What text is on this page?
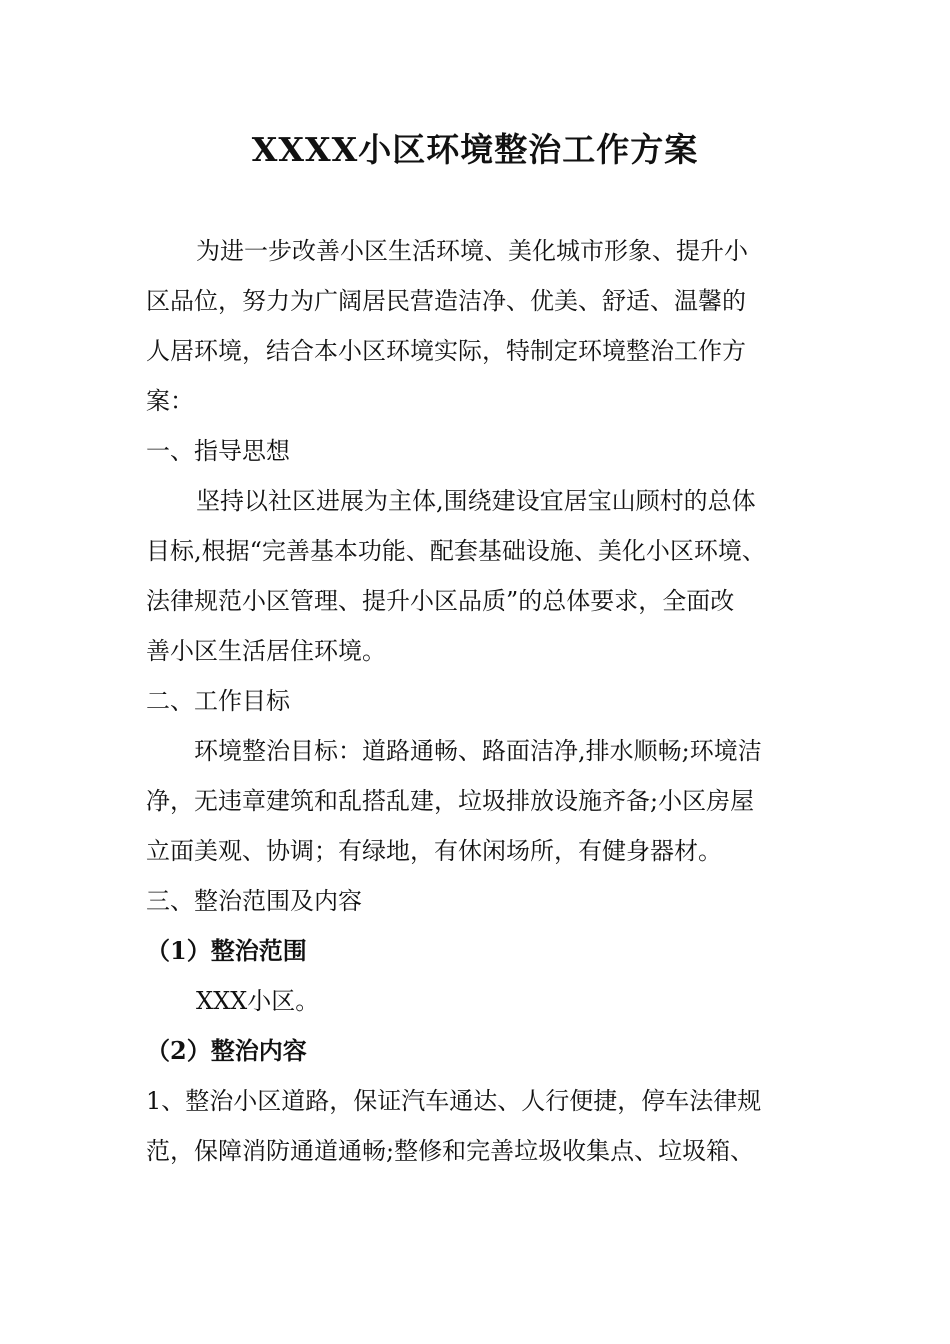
XXXX小区环境整治工作方案
为进一步改善小区生活环境、美化城市形象、提升小
区品位，努力为广阔居民营造洁净、优美、舒适、温馨的
人居环境，结合本小区环境实际，特制定环境整治工作方
案：
一、指导思想
坚持以社区进展为主体,围绕建设宜居宝山顾村的总体
目标,根据“完善基本功能、配套基础设施、美化小区环境、
法律规范小区管理、提升小区品质”的总体要求，全面改
善小区生活居住环境。
二、工作目标
环境整治目标：道路通畅、路面洁净,排水顺畅;环境洁
净，无违章建筑和乱搭乱建，垃圾排放设施齐备;小区房屋
立面美观、协调；有绿地，有休闲场所，有健身器材。
三、整治范围及内容
（1）整治范围
XXX小区。
（2）整治内容
1、整治小区道路，保证汽车通达、人行便捷，停车法律规
范，保障消防通道通畅;整修和完善垃圾收集点、垃圾箱、
